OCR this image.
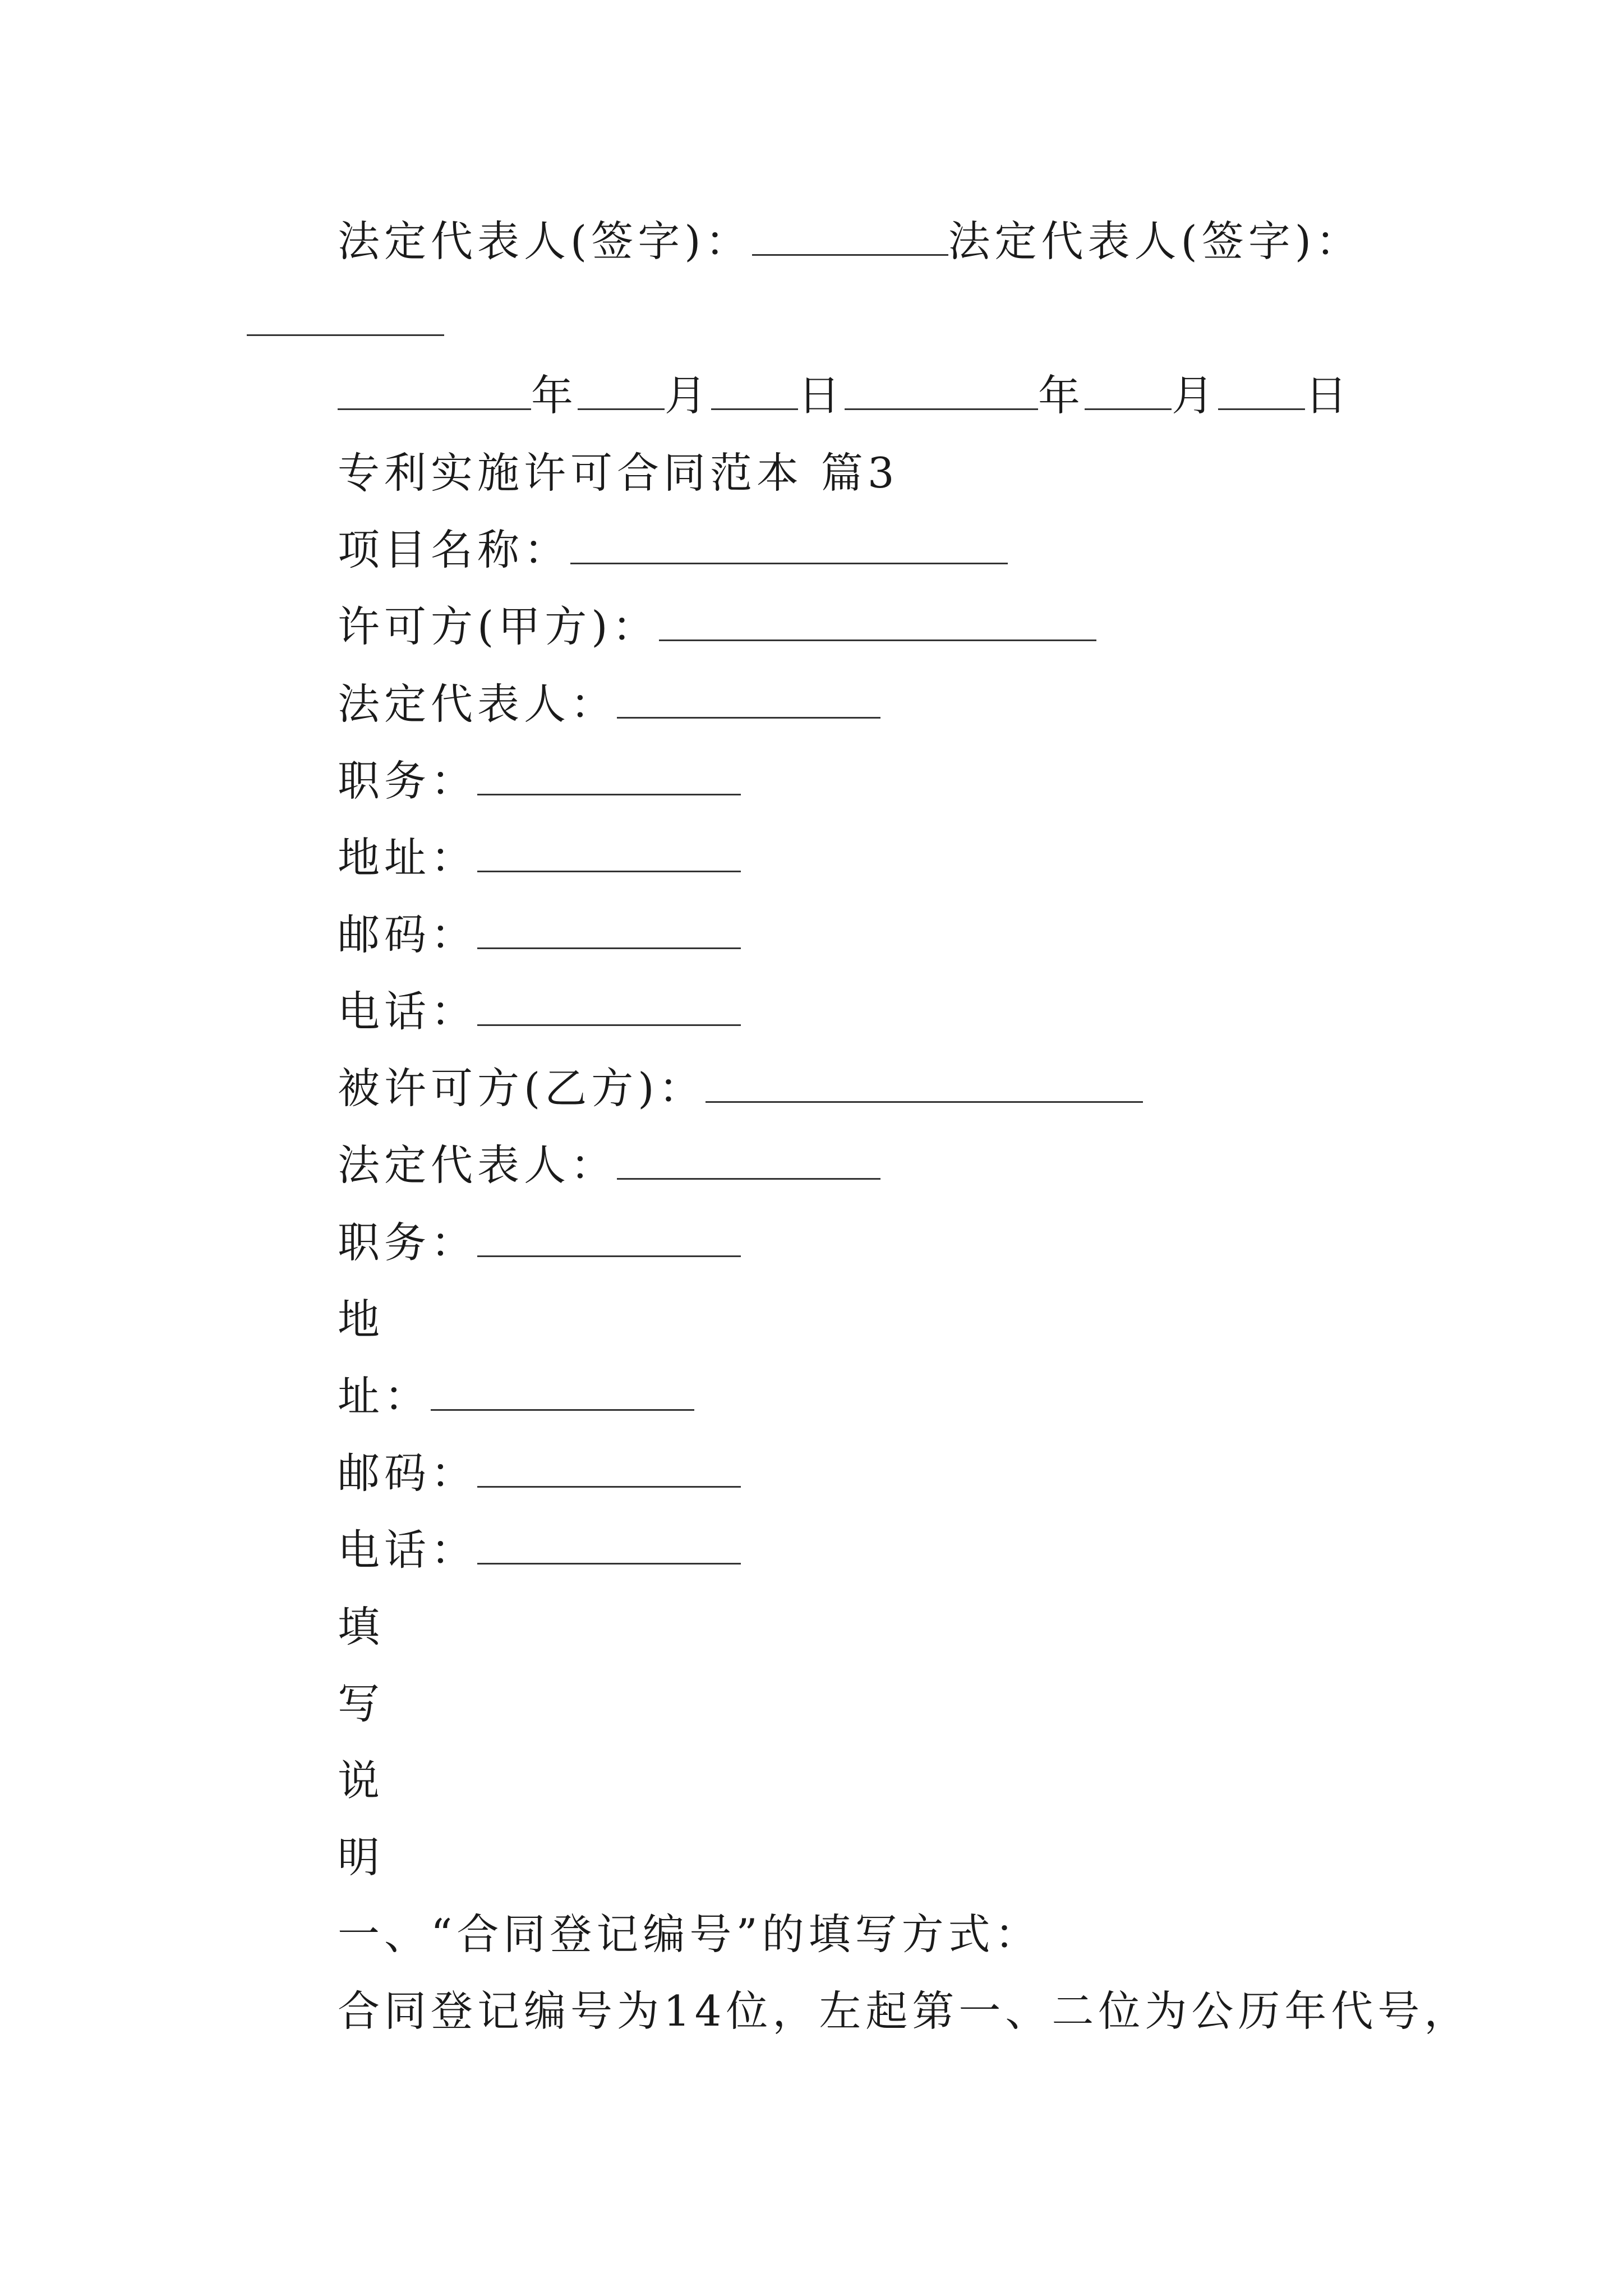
法定代表人(签字)：	法定代表人(签字)：
年 月 日	年 月 日
专利实施许可合同范本 篇3
项目名称：
许可方(甲方)：
法定代表人：
职务：
地址：
邮码：
电话：
被许可方(乙方)：
法定代表人：
职务：
地
址：
邮码：
电话：
填
写
说
明
一、“合同登记编号”的填写方式：
合同登记编号为14位，左起第一、二位为公历年代号，
